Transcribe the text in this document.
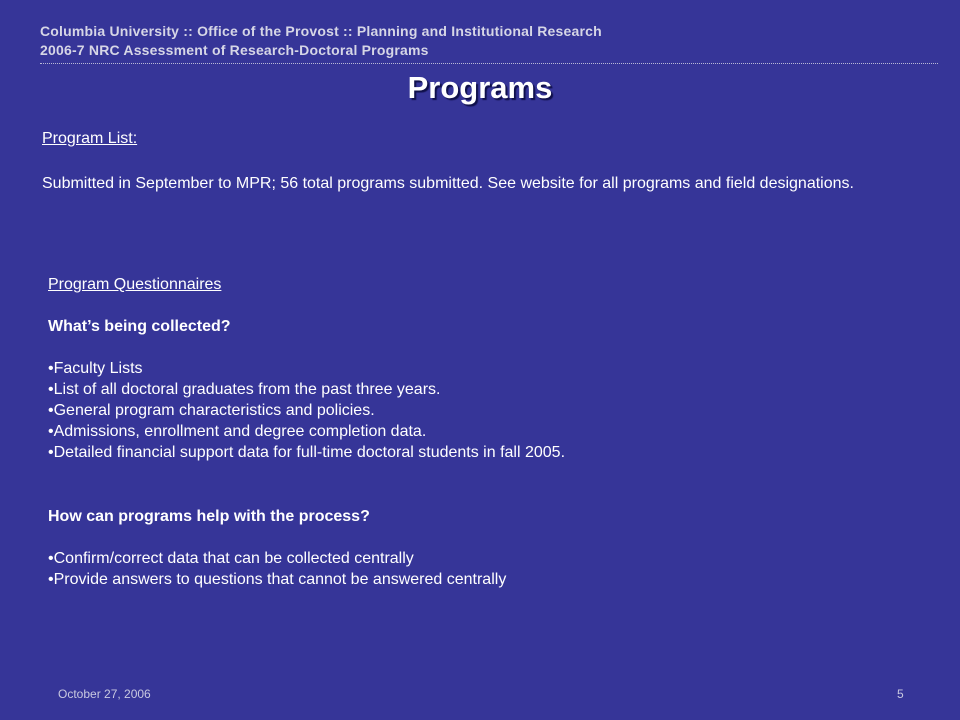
Columbia University :: Office of the Provost :: Planning and Institutional Research
2006-7 NRC Assessment of Research-Doctoral Programs
Programs
Program List:
Submitted in September to MPR; 56 total programs submitted. See website for all programs and field designations.
Program Questionnaires
What’s being collected?
• Faculty Lists
• List of all doctoral graduates from the past three years.
• General program characteristics and policies.
• Admissions, enrollment and degree completion data.
• Detailed financial support data for full-time doctoral students in fall 2005.
How can programs help with the process?
• Confirm/correct data that can be collected centrally
• Provide answers to questions that cannot be answered centrally
October 27, 2006	5
